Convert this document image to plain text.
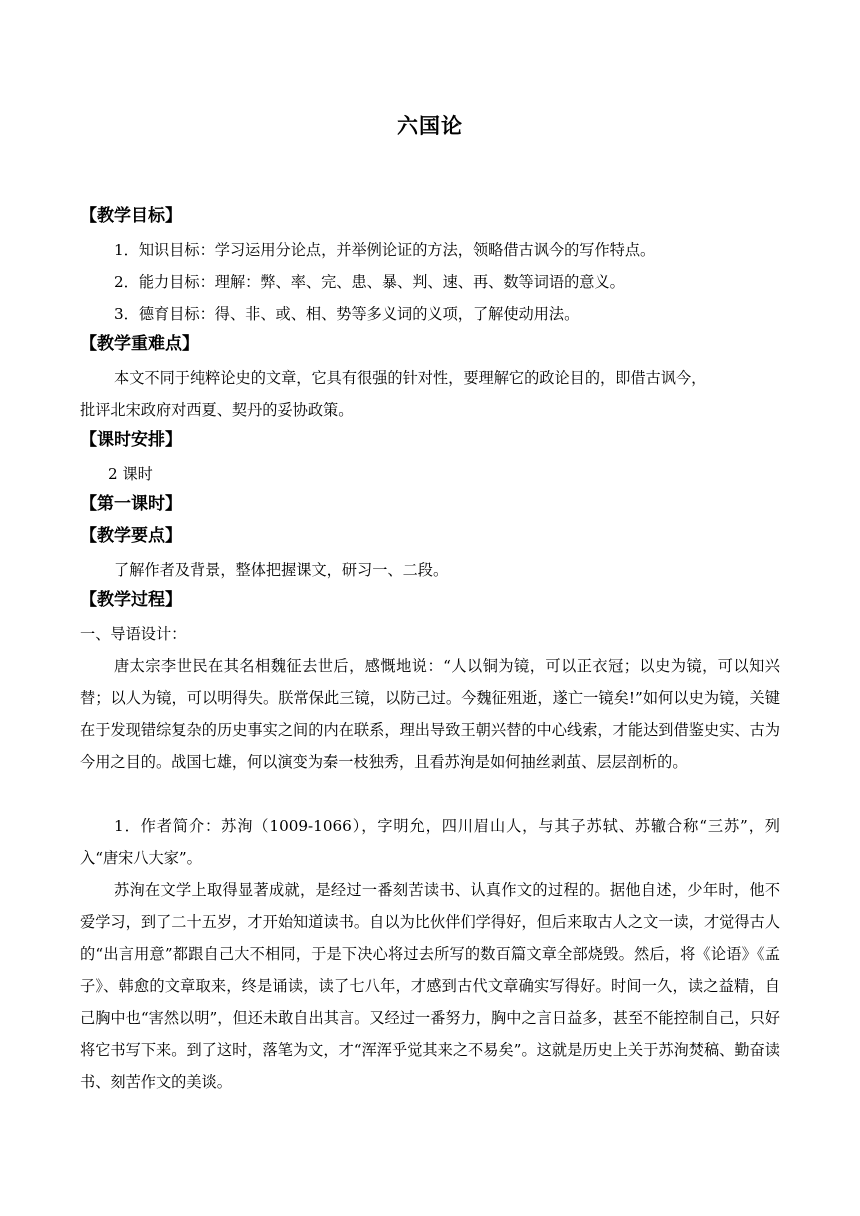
六国论

【教学目标】

1．知识目标：学习运用分论点，并举例论证的方法，领略借古讽今的写作特点。

2．能力目标：理解：弊、率、完、患、暴、判、速、再、数等词语的意义。

3．德育目标：得、非、或、相、势等多义词的义项，了解使动用法。

【教学重难点】

本文不同于纯粹论史的文章，它具有很强的针对性，要理解它的政论目的，即借古讽今，

批评北宋政府对西夏、契丹的妥协政策。

【课时安排】

2 课时

【第一课时】

【教学要点】

了解作者及背景，整体把握课文，研习一、二段。

【教学过程】

一、导语设计：

唐太宗李世民在其名相魏征去世后，感慨地说：“人以铜为镜，可以正衣冠；以史为镜，可以知兴替；以人为镜，可以明得失。朕常保此三镜，以防己过。今魏征殂逝，遂亡一镜矣!”如何以史为镜，关键在于发现错综复杂的历史事实之间的内在联系，理出导致王朝兴替的中心线索，才能达到借鉴史实、古为今用之目的。战国七雄，何以演变为秦一枝独秀，且看苏洵是如何抽丝剥茧、层层剖析的。

1．作者简介：苏洵（1009-1066），字明允，四川眉山人，与其子苏轼、苏辙合称“三苏”，列入“唐宋八大家”。

苏洵在文学上取得显著成就，是经过一番刻苦读书、认真作文的过程的。据他自述，少年时，他不爱学习，到了二十五岁，才开始知道读书。自以为比伙伴们学得好，但后来取古人之文一读，才觉得古人的“出言用意”都跟自己大不相同，于是下决心将过去所写的数百篇文章全部烧毁。然后，将《论语》《孟子》、韩愈的文章取来，终是诵读，读了七八年，才感到古代文章确实写得好。时间一久，读之益精，自己胸中也“害然以明”，但还未敢自出其言。又经过一番努力，胸中之言日益多，甚至不能控制自己，只好将它书写下来。到了这时，落笔为文，才“浑浑乎觉其来之不易矣”。这就是历史上关于苏洵焚稿、勤奋读书、刻苦作文的美谈。
